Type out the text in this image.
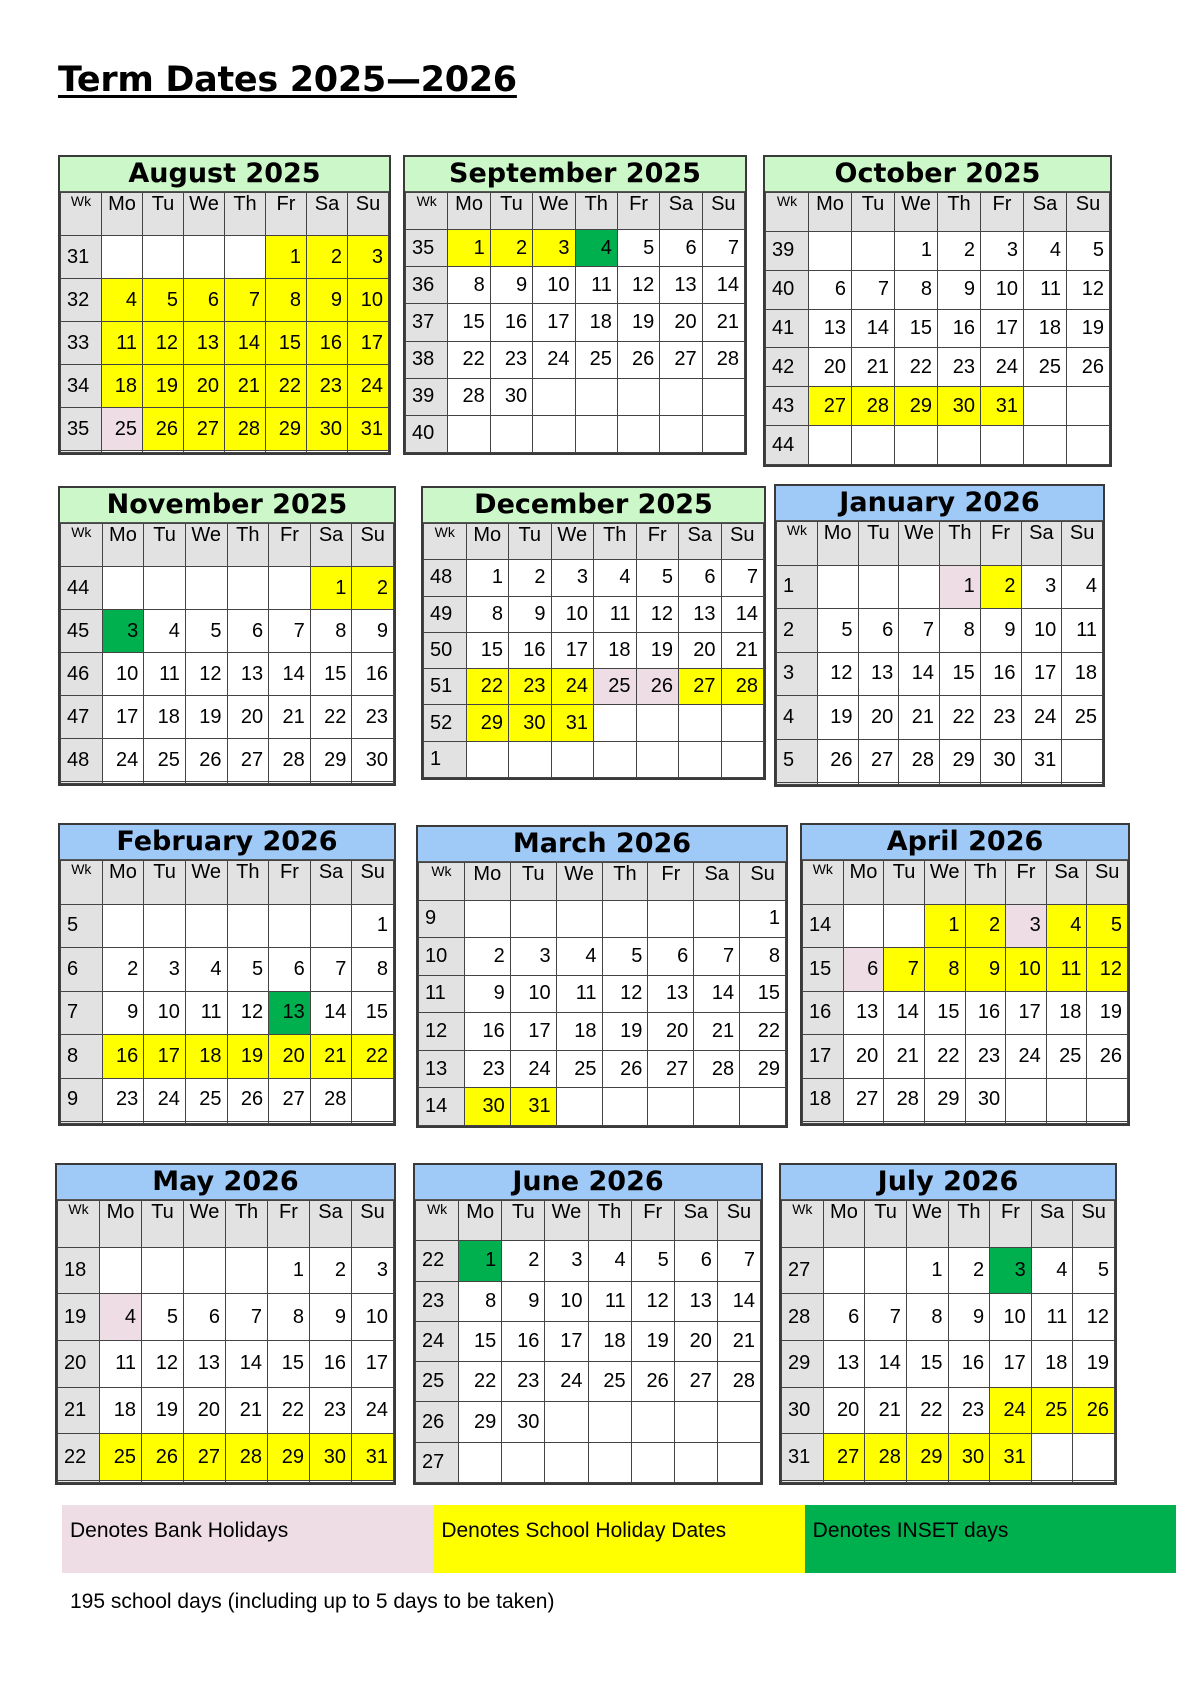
Term Dates 2025—2026
August 2025
Wk	Mo	Tu	We	Th	Fr	Sa	Su
31					1	2	3
32	4	5	6	7	8	9	10
33	11	12	13	14	15	16	17
34	18	19	20	21	22	23	24
35	25	26	27	28	29	30	31

September 2025
Wk	Mo	Tu	We	Th	Fr	Sa	Su
35	1	2	3	4	5	6	7
36	8	9	10	11	12	13	14
37	15	16	17	18	19	20	21
38	22	23	24	25	26	27	28
39	28	30					
40							
October 2025
Wk	Mo	Tu	We	Th	Fr	Sa	Su
39			1	2	3	4	5
40	6	7	8	9	10	11	12
41	13	14	15	16	17	18	19
42	20	21	22	23	24	25	26
43	27	28	29	30	31		
44							
November 2025
Wk	Mo	Tu	We	Th	Fr	Sa	Su
44						1	2
45	3	4	5	6	7	8	9
46	10	11	12	13	14	15	16
47	17	18	19	20	21	22	23
48	24	25	26	27	28	29	30

December 2025
Wk	Mo	Tu	We	Th	Fr	Sa	Su
48	1	2	3	4	5	6	7
49	8	9	10	11	12	13	14
50	15	16	17	18	19	20	21
51	22	23	24	25	26	27	28
52	29	30	31				
1							
January 2026
Wk	Mo	Tu	We	Th	Fr	Sa	Su
1				1	2	3	4
2	5	6	7	8	9	10	11
3	12	13	14	15	16	17	18
4	19	20	21	22	23	24	25
5	26	27	28	29	30	31	

February 2026
Wk	Mo	Tu	We	Th	Fr	Sa	Su
5							1
6	2	3	4	5	6	7	8
7	9	10	11	12	13	14	15
8	16	17	18	19	20	21	22
9	23	24	25	26	27	28	

March 2026
Wk	Mo	Tu	We	Th	Fr	Sa	Su
9							1
10	2	3	4	5	6	7	8
11	9	10	11	12	13	14	15
12	16	17	18	19	20	21	22
13	23	24	25	26	27	28	29
14	30	31					
April 2026
Wk	Mo	Tu	We	Th	Fr	Sa	Su
14			1	2	3	4	5
15	6	7	8	9	10	11	12
16	13	14	15	16	17	18	19
17	20	21	22	23	24	25	26
18	27	28	29	30			

May 2026
Wk	Mo	Tu	We	Th	Fr	Sa	Su
18					1	2	3
19	4	5	6	7	8	9	10
20	11	12	13	14	15	16	17
21	18	19	20	21	22	23	24
22	25	26	27	28	29	30	31

June 2026
Wk	Mo	Tu	We	Th	Fr	Sa	Su
22	1	2	3	4	5	6	7
23	8	9	10	11	12	13	14
24	15	16	17	18	19	20	21
25	22	23	24	25	26	27	28
26	29	30					
27							
July 2026
Wk	Mo	Tu	We	Th	Fr	Sa	Su
27			1	2	3	4	5
28	6	7	8	9	10	11	12
29	13	14	15	16	17	18	19
30	20	21	22	23	24	25	26
31	27	28	29	30	31		

Denotes Bank Holidays	Denotes School Holiday Dates	Denotes INSET days
195 school days (including up to 5 days to be taken)
